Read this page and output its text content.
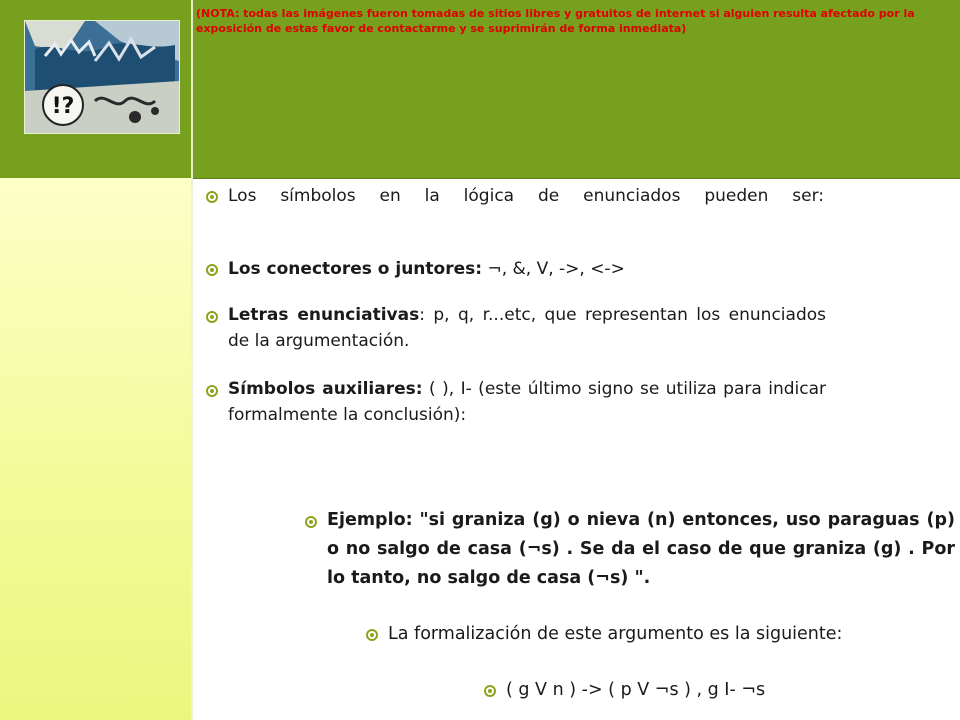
!?
(NOTA: todas las imágenes fueron tomadas de sitios libres y gratuitos de internet si alguien resulta afectado por la exposición de estas favor de contactarme y se suprimirán de forma inmediata)
Los símbolos en la lógica de enunciados pueden ser:
Los conectores o juntores: ¬, &, V, ->, <->
Letras enunciativas: p, q, r...etc, que representan los enunciados de la argumentación.
Símbolos auxiliares: ( ), I- (este último signo se utiliza para indicar formalmente la conclusión):
Ejemplo: "si graniza (g) o nieva (n) entonces, uso paraguas (p) o no salgo de casa (¬s) . Se da el caso de que graniza (g) . Por lo tanto, no salgo de casa (¬s) ".
La formalización de este argumento es la siguiente:
( g V n ) -> ( p V ¬s ) , g I- ¬s
